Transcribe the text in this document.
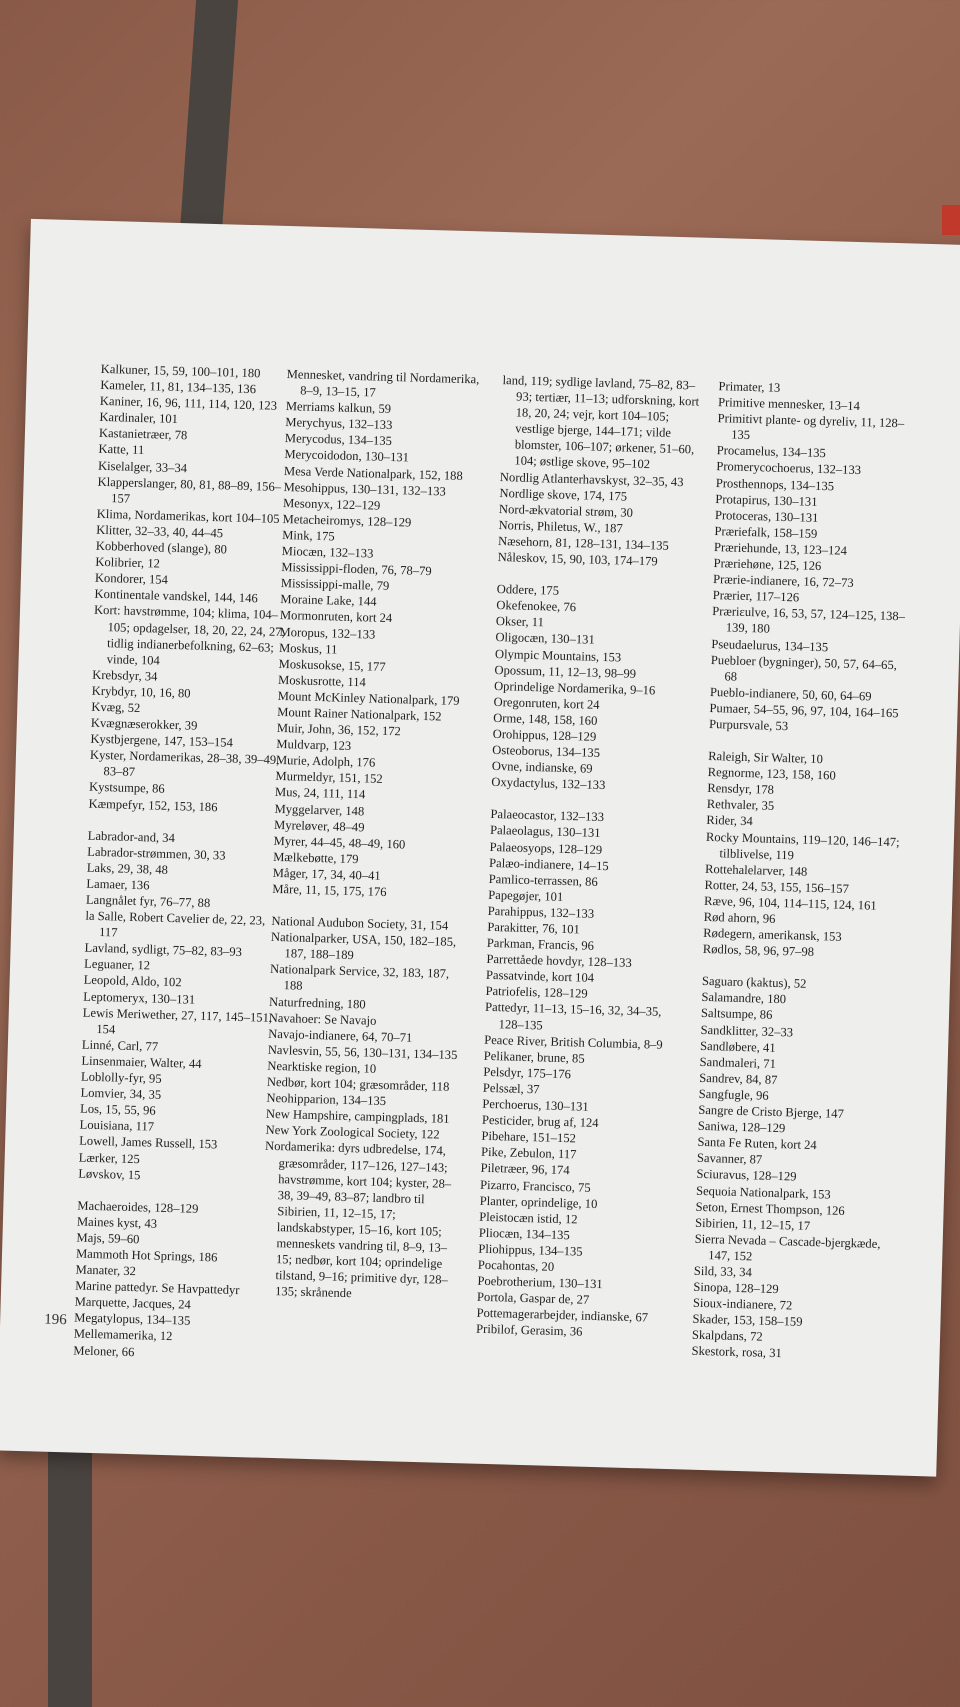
Kalkuner, 15, 59, 100–101, 180
Kameler, 11, 81, 134–135, 136
Kaniner, 16, 96, 111, 114, 120, 123
Kardinaler, 101
Kastanietræer, 78
Katte, 11
Kiselalger, 33–34
Klapperslanger, 80, 81, 88–89, 156–157
Klima, Nordamerikas, kort 104–105
Klitter, 32–33, 40, 44–45
Kobberhoved (slange), 80
Kolibrier, 12
Kondorer, 154
Kontinentale vandskel, 144, 146
Kort: havstrømme, 104; klima, 104–105; opdagelser, 18, 20, 22, 24, 27; tidlig indianerbefolkning, 62–63; vinde, 104
Krebsdyr, 34
Krybdyr, 10, 16, 80
Kvæg, 52
Kvægnæserokker, 39
Kystbjergene, 147, 153–154
Kyster, Nordamerikas, 28–38, 39–49, 83–87
Kystsumpe, 86
Kæmpefyr, 152, 153, 186
Labrador-and, 34
Labrador-strømmen, 30, 33
Laks, 29, 38, 48
Lamaer, 136
Langnålet fyr, 76–77, 88
la Salle, Robert Cavelier de, 22, 23, 117
Lavland, sydligt, 75–82, 83–93
Leguaner, 12
Leopold, Aldo, 102
Leptomeryx, 130–131
Lewis Meriwether, 27, 117, 145–151, 154
Linné, Carl, 77
Linsenmaier, Walter, 44
Loblolly-fyr, 95
Lomvier, 34, 35
Los, 15, 55, 96
Louisiana, 117
Lowell, James Russell, 153
Lærker, 125
Løvskov, 15
Machaeroides, 128–129
Maines kyst, 43
Majs, 59–60
Mammoth Hot Springs, 186
Manater, 32
Marine pattedyr. Se Havpattedyr
Marquette, Jacques, 24
Megatylopus, 134–135
Mellemamerika, 12
Meloner, 66
Mennesket, vandring til Nordamerika, 8–9, 13–15, 17
Merriams kalkun, 59
Merychyus, 132–133
Merycodus, 134–135
Merycoidodon, 130–131
Mesa Verde Nationalpark, 152, 188
Mesohippus, 130–131, 132–133
Mesonyx, 122–129
Metacheiromys, 128–129
Mink, 175
Miocæn, 132–133
Mississippi-floden, 76, 78–79
Mississippi-malle, 79
Moraine Lake, 144
Mormonruten, kort 24
Moropus, 132–133
Moskus, 11
Moskusokse, 15, 177
Moskusrotte, 114
Mount McKinley Nationalpark, 179
Mount Rainer Nationalpark, 152
Muir, John, 36, 152, 172
Muldvarp, 123
Murie, Adolph, 176
Murmeldyr, 151, 152
Mus, 24, 111, 114
Myggelarver, 148
Myreløver, 48–49
Myrer, 44–45, 48–49, 160
Mælkebøtte, 179
Måger, 17, 34, 40–41
Måre, 11, 15, 175, 176
National Audubon Society, 31, 154
Nationalparker, USA, 150, 182–185, 187, 188–189
Nationalpark Service, 32, 183, 187, 188
Naturfredning, 180
Navahoer: Se Navajo
Navajo-indianere, 64, 70–71
Navlesvin, 55, 56, 130–131, 134–135
Nearktiske region, 10
Nedbør, kort 104; græsområder, 118
Neohipparion, 134–135
New Hampshire, campingplads, 181
New York Zoological Society, 122
Nordamerika: dyrs udbredelse, 174, græsområder, 117–126, 127–143; havstrømme, kort 104; kyster, 28–38, 39–49, 83–87; landbro til Sibirien, 11, 12–15, 17; landskabstyper, 15–16, kort 105; menneskets vandring til, 8–9, 13–15; nedbør, kort 104; oprindelige tilstand, 9–16; primitive dyr, 128–135; skrånende
land, 119; sydlige lavland, 75–82, 83–93; tertiær, 11–13; udforskning, kort 18, 20, 24; vejr, kort 104–105; vestlige bjerge, 144–171; vilde blomster, 106–107; ørkener, 51–60, 104; østlige skove, 95–102
Nordlig Atlanterhavskyst, 32–35, 43
Nordlige skove, 174, 175
Nord-ækvatorial strøm, 30
Norris, Philetus, W., 187
Næsehorn, 81, 128–131, 134–135
Nåleskov, 15, 90, 103, 174–179
Oddere, 175
Okefenokee, 76
Okser, 11
Oligocæn, 130–131
Olympic Mountains, 153
Opossum, 11, 12–13, 98–99
Oprindelige Nordamerika, 9–16
Oregonruten, kort 24
Orme, 148, 158, 160
Orohippus, 128–129
Osteoborus, 134–135
Ovne, indianske, 69
Oxydactylus, 132–133
Palaeocastor, 132–133
Palaeolagus, 130–131
Palaeosyops, 128–129
Palæo-indianere, 14–15
Pamlico-terrassen, 86
Papegøjer, 101
Parahippus, 132–133
Parakitter, 76, 101
Parkman, Francis, 96
Parrettåede hovdyr, 128–133
Passatvinde, kort 104
Patriofelis, 128–129
Pattedyr, 11–13, 15–16, 32, 34–35, 128–135
Peace River, British Columbia, 8–9
Pelikaner, brune, 85
Pelsdyr, 175–176
Pelssæl, 37
Perchoerus, 130–131
Pesticider, brug af, 124
Pibehare, 151–152
Pike, Zebulon, 117
Piletræer, 96, 174
Pizarro, Francisco, 75
Planter, oprindelige, 10
Pleistocæn istid, 12
Pliocæn, 134–135
Pliohippus, 134–135
Pocahontas, 20
Poebrotherium, 130–131
Portola, Gaspar de, 27
Pottemagerarbejder, indianske, 67
Pribilof, Gerasim, 36
Primater, 13
Primitive mennesker, 13–14
Primitivt plante- og dyreliv, 11, 128–135
Procamelus, 134–135
Promerycochoerus, 132–133
Prosthennops, 134–135
Protapirus, 130–131
Protoceras, 130–131
Præriefalk, 158–159
Præriehunde, 13, 123–124
Præriehøne, 125, 126
Prærie-indianere, 16, 72–73
Prærier, 117–126
Præriεulve, 16, 53, 57, 124–125, 138–139, 180
Pseudaelurus, 134–135
Puebloer (bygninger), 50, 57, 64–65, 68
Pueblo-indianere, 50, 60, 64–69
Pumaer, 54–55, 96, 97, 104, 164–165
Purpursvale, 53
Raleigh, Sir Walter, 10
Regnorme, 123, 158, 160
Rensdyr, 178
Rethvaler, 35
Rider, 34
Rocky Mountains, 119–120, 146–147; tilblivelse, 119
Rottehalelarver, 148
Rotter, 24, 53, 155, 156–157
Ræve, 96, 104, 114–115, 124, 161
Rød ahorn, 96
Rødegern, amerikansk, 153
Rødlos, 58, 96, 97–98
Saguaro (kaktus), 52
Salamandre, 180
Saltsumpe, 86
Sandklitter, 32–33
Sandløbere, 41
Sandmaleri, 71
Sandrev, 84, 87
Sangfugle, 96
Sangre de Cristo Bjerge, 147
Saniwa, 128–129
Santa Fe Ruten, kort 24
Savanner, 87
Sciuravus, 128–129
Sequoia Nationalpark, 153
Seton, Ernest Thompson, 126
Sibirien, 11, 12–15, 17
Sierra Nevada – Cascade-bjergkæde, 147, 152
Sild, 33, 34
Sinopa, 128–129
Sioux-indianere, 72
Skader, 153, 158–159
Skalpdans, 72
Skestork, rosa, 31
196
